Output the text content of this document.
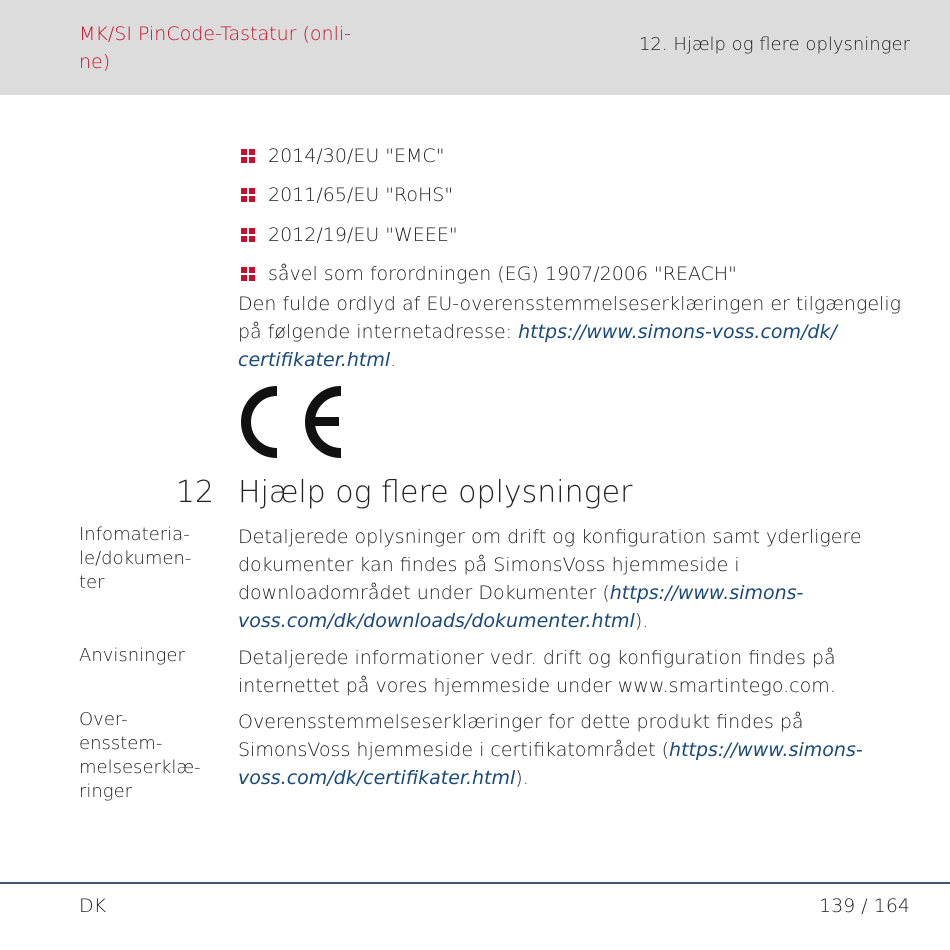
MK/SI PinCode-Tastatur (onli-
ne)
12. Hjælp og flere oplysninger
2014/30/EU "EMC"
2011/65/EU "RoHS"
2012/19/EU "WEEE"
såvel som forordningen (EG) 1907/2006 "REACH"
Den fulde ordlyd af EU-overensstemmelseserklæringen er tilgængelig
på følgende internetadresse: https://www.simons-voss.com/dk/
certifikater.html.
12 Hjælp og flere oplysninger
Infomateria-
le/dokumen-
ter
Detaljerede oplysninger om drift og konfiguration samt yderligere
dokumenter kan findes på SimonsVoss hjemmeside i
downloadområdet under Dokumenter (https://www.simons-
voss.com/dk/downloads/dokumenter.html).
Anvisninger	Detaljerede informationer vedr. drift og konfiguration findes på
internettet på vores hjemmeside under www.smartintego.com.
Over-
ensstem-
melseserklæ-
ringer
Overensstemmelseserklæringer for dette produkt findes på
SimonsVoss hjemmeside i certifikatområdet (https://www.simons-
voss.com/dk/certifikater.html).
DK	139 / 164
